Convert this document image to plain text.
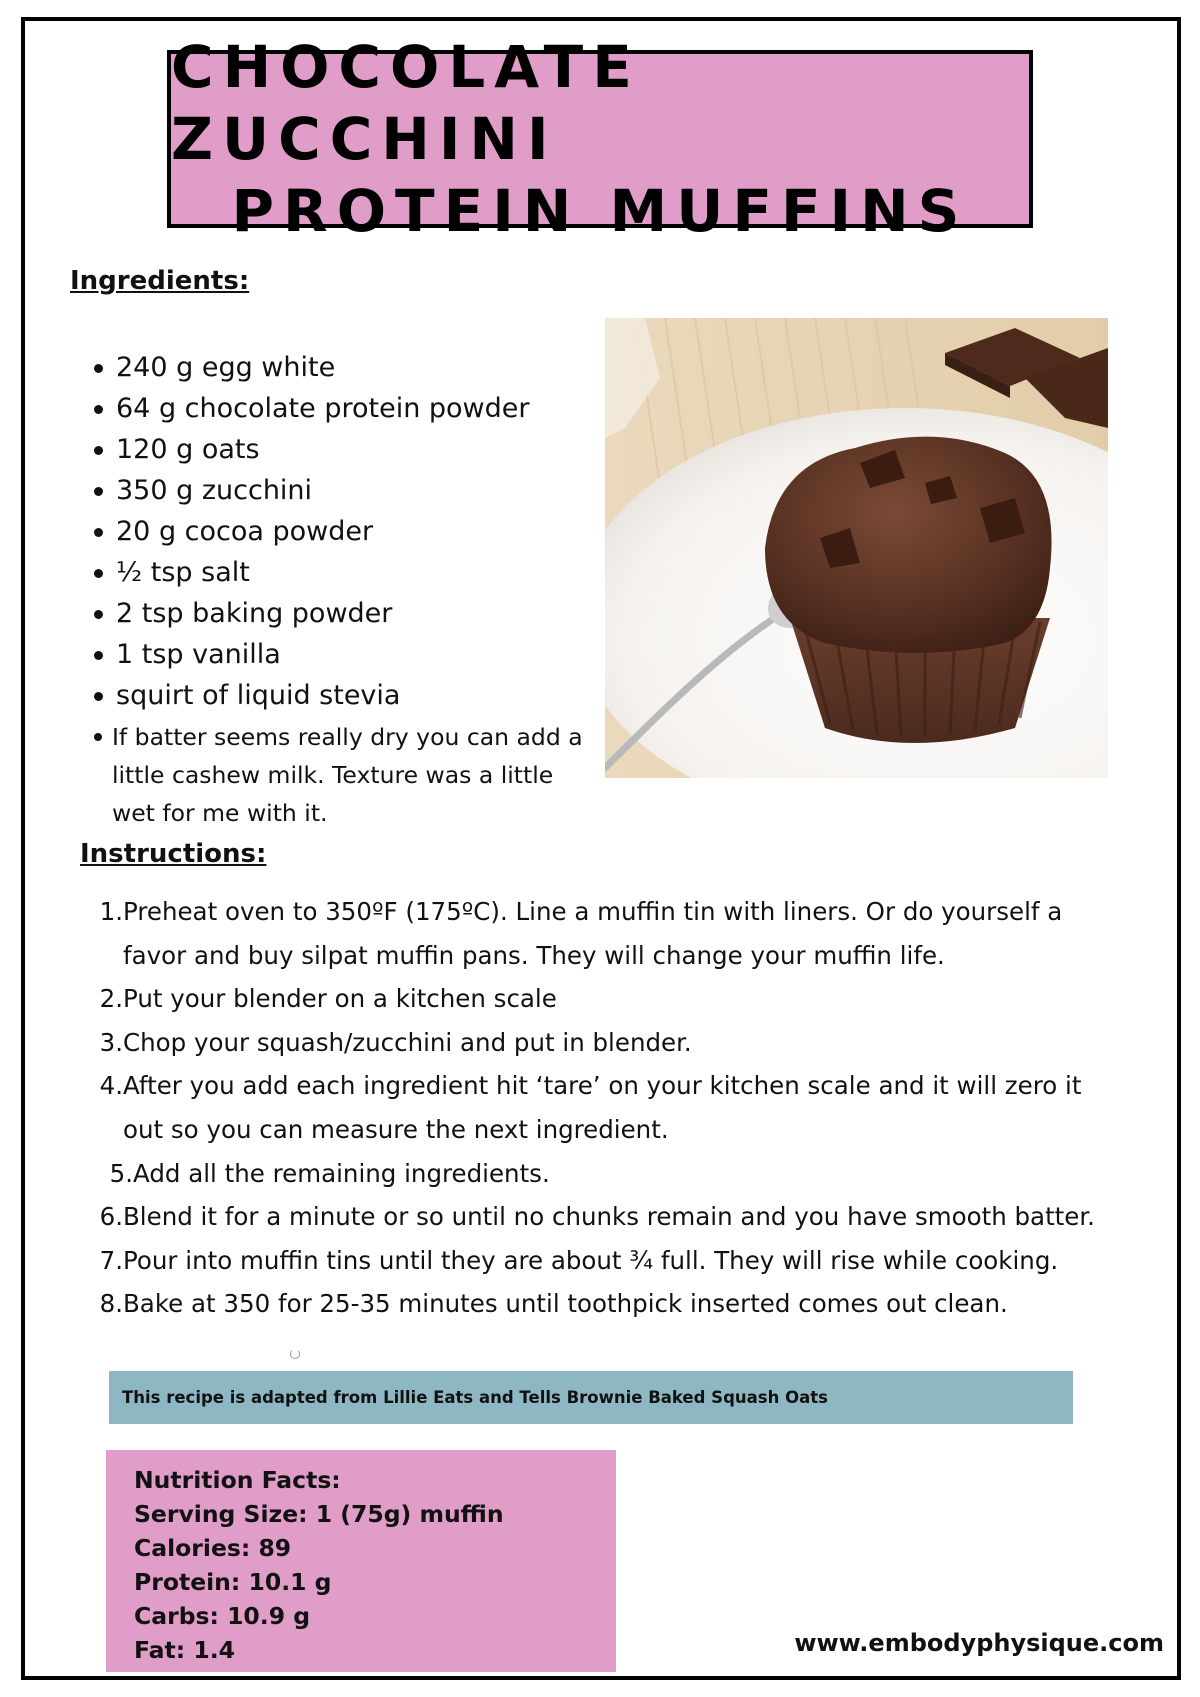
CHOCOLATE ZUCCHINI
PROTEIN MUFFINS
Ingredients:
240 g egg white
64 g chocolate protein powder
120 g oats
350 g zucchini
20 g cocoa powder
½ tsp salt
2 tsp baking powder
1 tsp vanilla
squirt of liquid stevia
If batter seems really dry you can add a little cashew milk. Texture was a little wet for me with it.
Instructions:
1. Preheat oven to 350ºF (175ºC). Line a muffin tin with liners. Or do yourself a favor and buy silpat muffin pans. They will change your muffin life.
2. Put your blender on a kitchen scale
3. Chop your squash/zucchini and put in blender.
4. After you add each ingredient hit ‘tare’ on your kitchen scale and it will zero it out so you can measure the next ingredient.
5. Add all the remaining ingredients.
6. Blend it for a minute or so until no chunks remain and you have smooth batter.
7. Pour into muffin tins until they are about ¾ full. They will rise while cooking.
8. Bake at 350 for 25-35 minutes until toothpick inserted comes out clean.
This recipe is adapted from Lillie Eats and Tells Brownie Baked Squash Oats
Nutrition Facts:
Serving Size: 1 (75g) muffin
Calories: 89
Protein: 10.1 g
Carbs: 10.9 g
Fat: 1.4	www.embodyphysique.com
